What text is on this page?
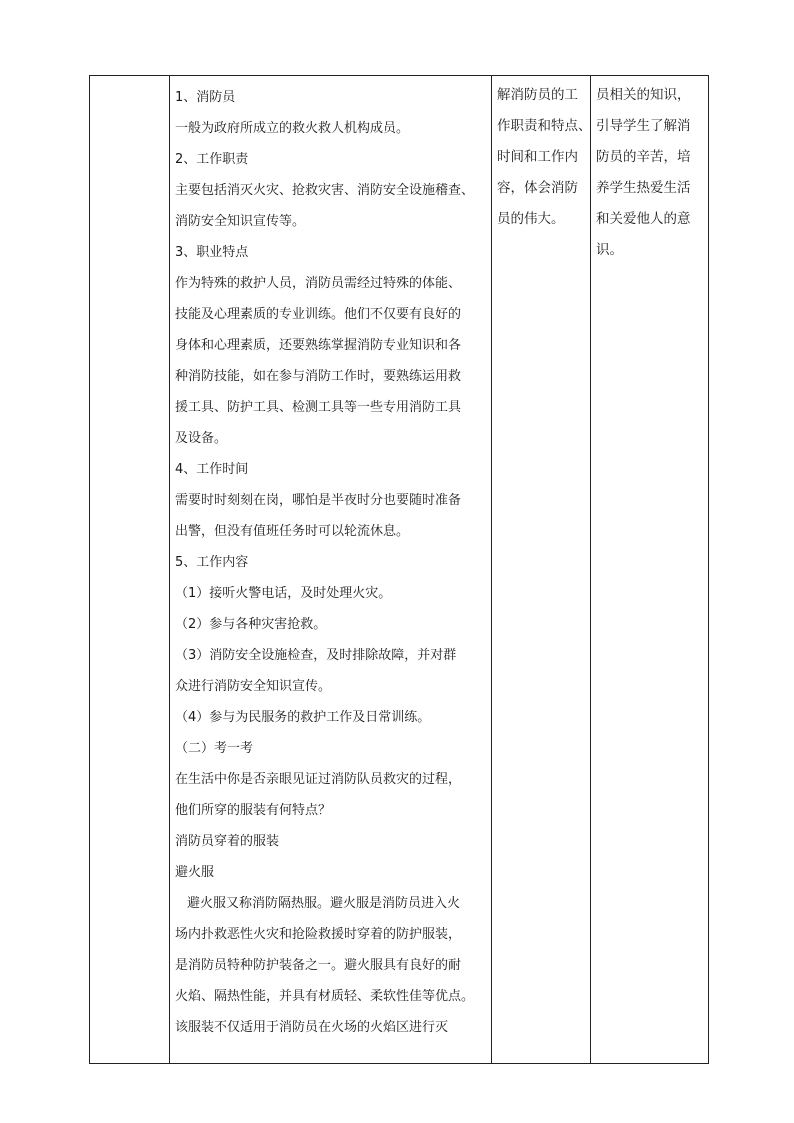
1、消防员
一般为政府所成立的救火救人机构成员。
2、工作职责
主要包括消灭火灾、抢救灾害、消防安全设施稽查、
消防安全知识宣传等。
3、职业特点
作为特殊的救护人员，消防员需经过特殊的体能、
技能及心理素质的专业训练。他们不仅要有良好的
身体和心理素质，还要熟练掌握消防专业知识和各
种消防技能，如在参与消防工作时，要熟练运用救
援工具、防护工具、检测工具等一些专用消防工具
及设备。
4、工作时间
需要时时刻刻在岗，哪怕是半夜时分也要随时准备
出警，但没有值班任务时可以轮流休息。
5、工作内容
（1）接听火警电话，及时处理火灾。
（2）参与各种灾害抢救。
（3）消防安全设施检查，及时排除故障，并对群
众进行消防安全知识宣传。
（4）参与为民服务的救护工作及日常训练。
（二）考一考
在生活中你是否亲眼见证过消防队员救灾的过程，
他们所穿的服装有何特点？
消防员穿着的服装
避火服
避火服又称消防隔热服。避火服是消防员进入火
场内扑救恶性火灾和抢险救援时穿着的防护服装，
是消防员特种防护装备之一。避火服具有良好的耐
火焰、隔热性能，并具有材质轻、柔软性佳等优点。
该服装不仅适用于消防员在火场的火焰区进行灭
解消防员的工
作职责和特点、
时间和工作内
容，体会消防
员的伟大。
员相关的知识，
引导学生了解消
防员的辛苦，培
养学生热爱生活
和关爱他人的意
识。
